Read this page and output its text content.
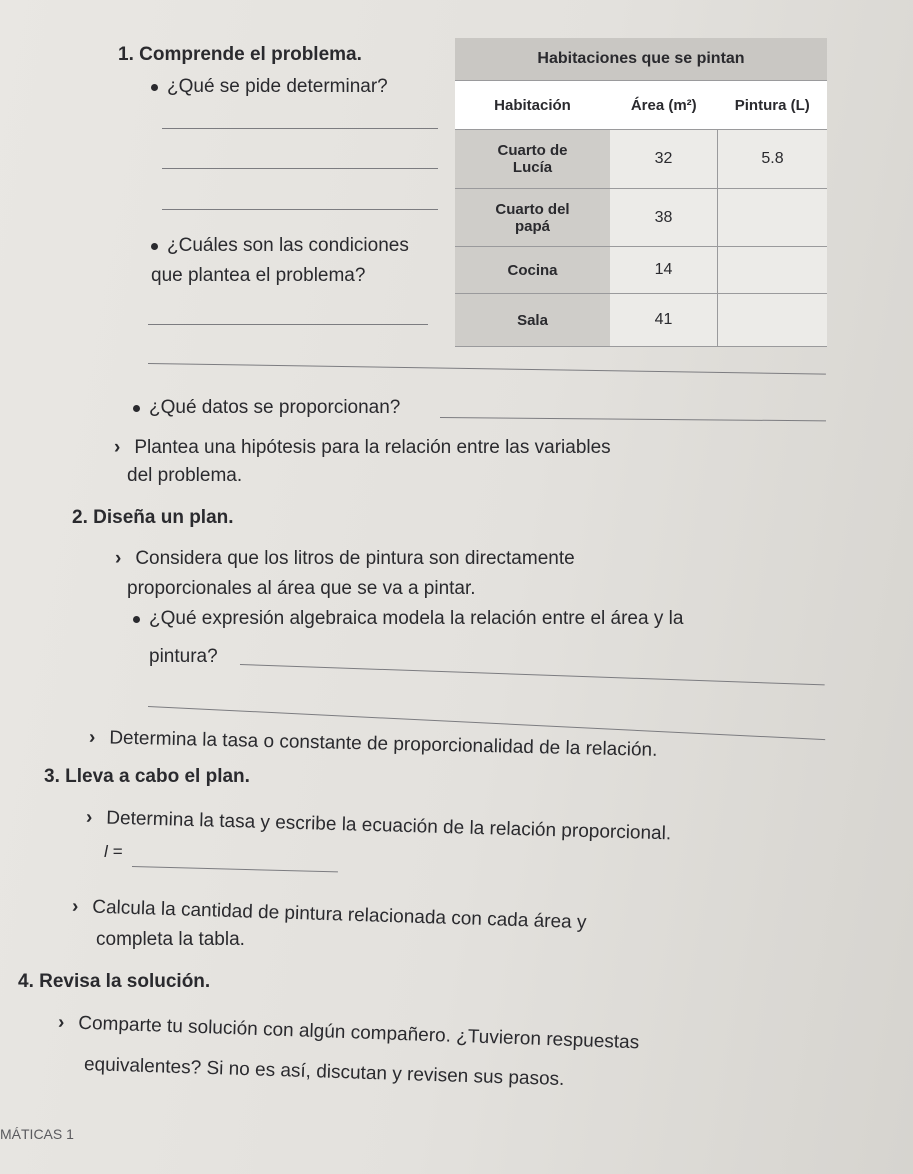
1. Comprende el problema.
¿Qué se pide determinar?
¿Cuáles son las condiciones
que plantea el problema?
¿Qué datos se proporcionan?
› Plantea una hipótesis para la relación entre las variables
del problema.
Habitaciones que se pintan		
Habitación	Área (m²)	Pintura (L)
Cuarto de
Lucía	32	5.8
Cuarto del
papá	38	
Cocina	14	
Sala	41	
2. Diseña un plan.
› Considera que los litros de pintura son directamente
proporcionales al área que se va a pintar.
¿Qué expresión algebraica modela la relación entre el área y la
pintura?
› Determina la tasa o constante de proporcionalidad de la relación.
3. Lleva a cabo el plan.
› Determina la tasa y escribe la ecuación de la relación proporcional.
l =
› Calcula la cantidad de pintura relacionada con cada área y
completa la tabla.
4. Revisa la solución.
› Comparte tu solución con algún compañero. ¿Tuvieron respuestas
equivalentes? Si no es así, discutan y revisen sus pasos.
MÁTICAS 1
